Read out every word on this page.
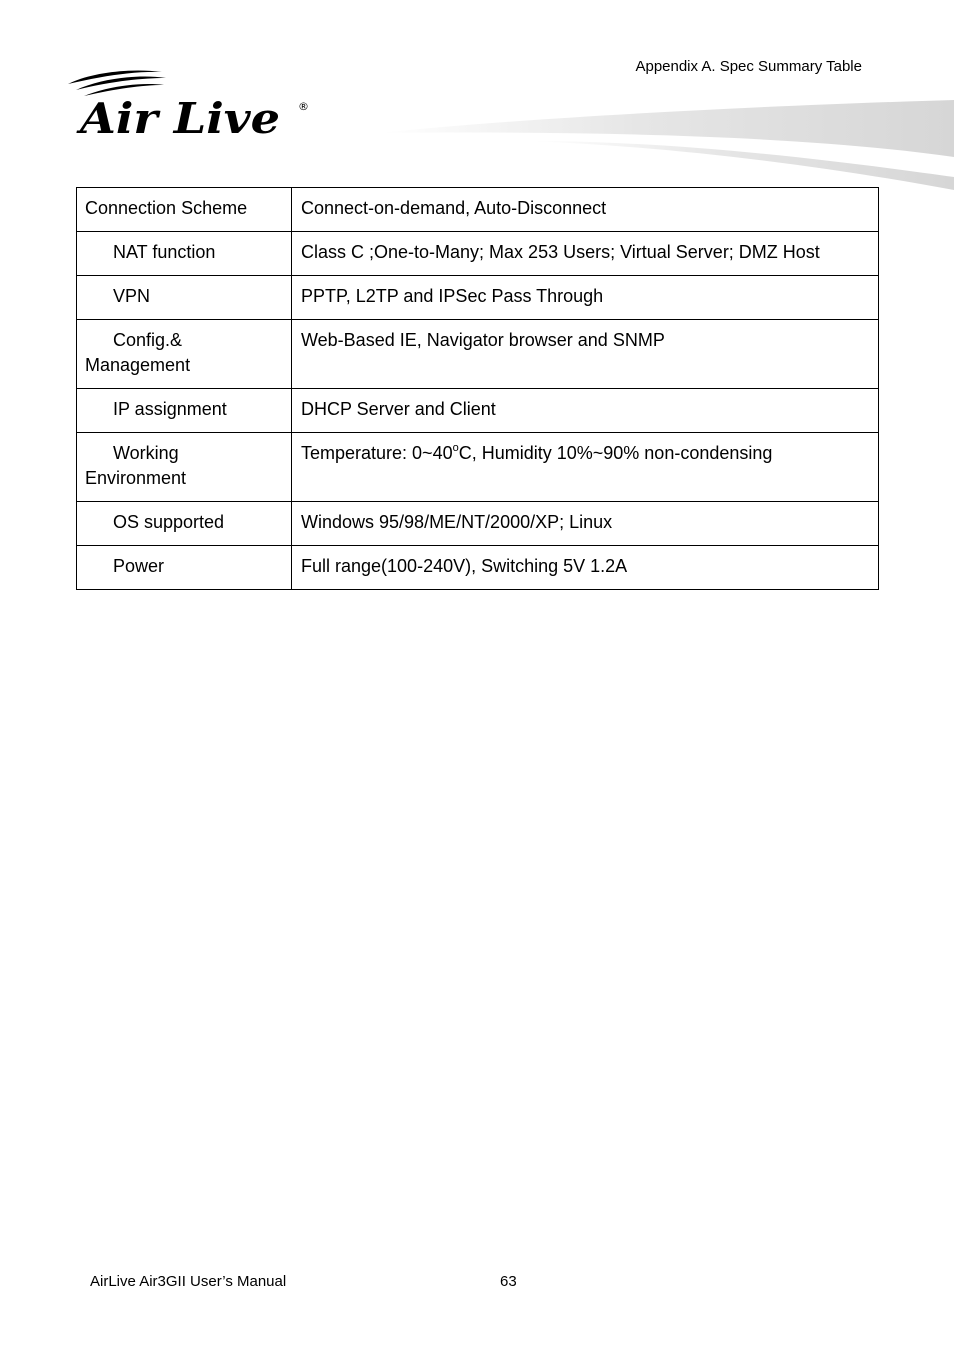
Appendix A. Spec Summary Table
Air Live ®
Connection Scheme	Connect-on-demand, Auto-Disconnect
NAT function	Class C ;One-to-Many; Max 253 Users; Virtual Server; DMZ Host
VPN	PPTP, L2TP and IPSec Pass Through
Config.&
Management	Web-Based IE, Navigator browser and SNMP
IP assignment	DHCP Server and Client
Working
Environment	Temperature: 0~40$^o$C, Humidity 10%~90% non-condensing
OS supported	Windows 95/98/ME/NT/2000/XP; Linux
Power	Full range(100-240V), Switching 5V 1.2A
AirLive Air3GII User’s Manual	63
